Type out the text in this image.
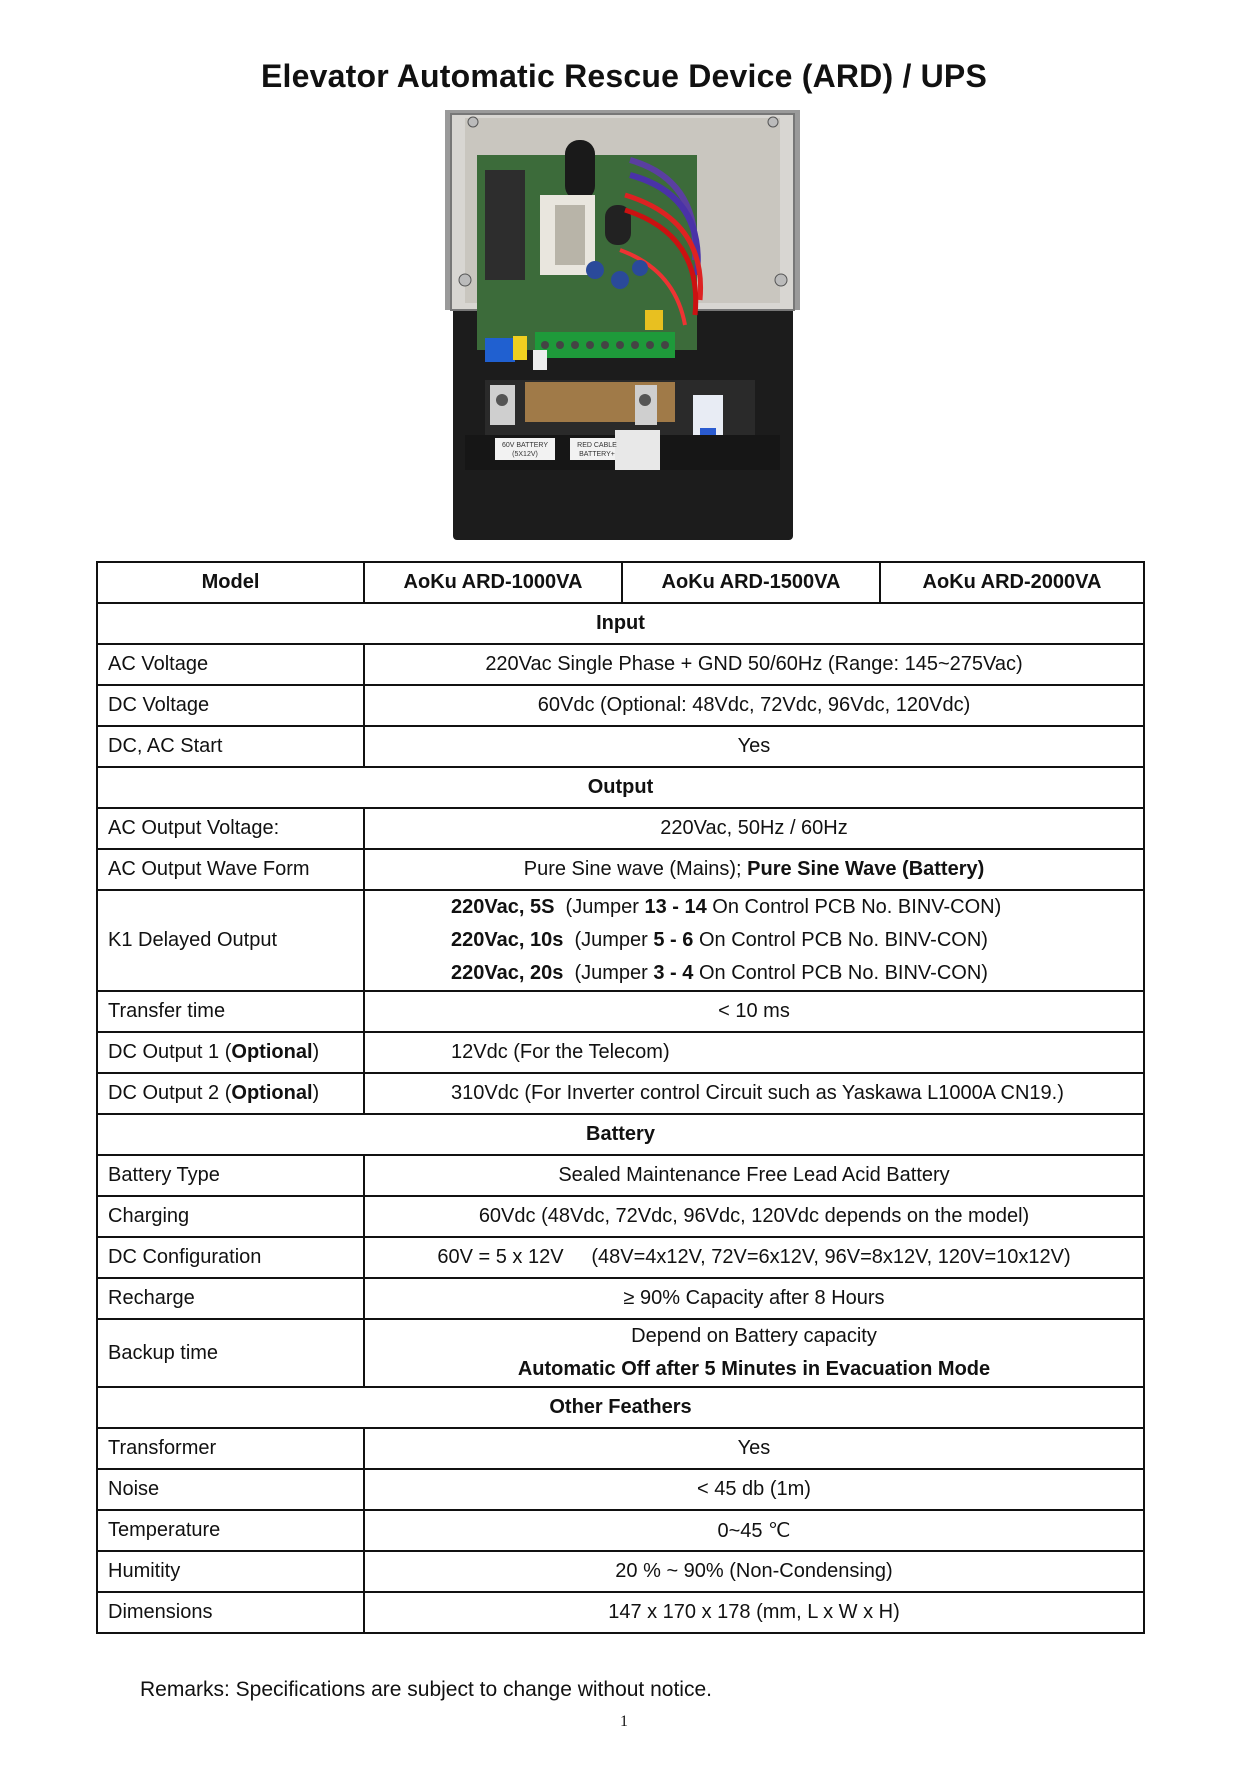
Elevator Automatic Rescue Device (ARD) / UPS
60V BATTERY
(5X12V)
RED CABLE
BATTERY+
Model	AoKu ARD-1000VA	AoKu ARD-1500VA	AoKu ARD-2000VA
Input			
AC Voltage	220Vac Single Phase + GND 50/60Hz (Range: 145~275Vac)		
DC Voltage	60Vdc (Optional: 48Vdc, 72Vdc, 96Vdc, 120Vdc)		
DC, AC Start	Yes		
Output			
AC Output Voltage:	220Vac, 50Hz / 60Hz		
AC Output Wave Form	Pure Sine wave (Mains); Pure Sine Wave (Battery)		
K1 Delayed Output	220Vac, 5S  (Jumper 13 - 14 On Control PCB No. BINV-CON)
220Vac, 10s  (Jumper 5 - 6 On Control PCB No. BINV-CON)
220Vac, 20s  (Jumper 3 - 4 On Control PCB No. BINV-CON)		

Transfer time	< 10 ms		
DC Output 1 (Optional)	12Vdc (For the Telecom)		
DC Output 2 (Optional)	310Vdc (For Inverter control Circuit such as Yaskawa L1000A CN19.)		
Battery			
Battery Type	Sealed Maintenance Free Lead Acid Battery		
Charging	60Vdc (48Vdc, 72Vdc, 96Vdc, 120Vdc depends on the model)		
DC Configuration	60V = 5 x 12V     (48V=4x12V, 72V=6x12V, 96V=8x12V, 120V=10x12V)		
Recharge	≥ 90% Capacity after 8 Hours		
Backup time	Depend on Battery capacity
Automatic Off after 5 Minutes in Evacuation Mode		

Other Feathers			
Transformer	Yes		
Noise	< 45 db (1m)		
Temperature	0~45 ℃		
Humitity	20 % ~ 90% (Non-Condensing)		
Dimensions	147 x 170 x 178 (mm, L x W x H)		
Remarks: Specifications are subject to change without notice.
1
